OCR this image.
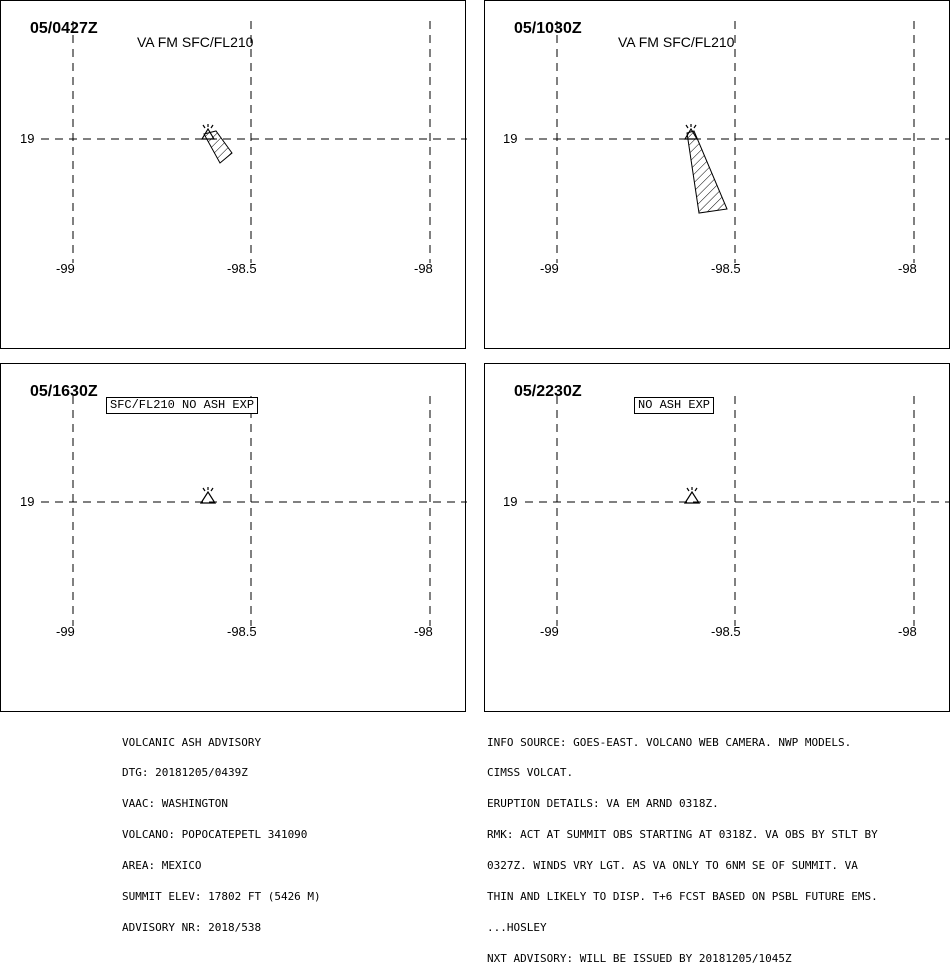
05/0427Z
VA FM SFC/FL210
19
-99	-98.5	-98
05/1030Z
VA FM SFC/FL210
19
-99	-98.5	-98
05/1630Z
SFC/FL210 NO ASH EXP
19
-99	-98.5	-98
05/2230Z
NO ASH EXP
19
-99	-98.5	-98

VOLCANIC ASH ADVISORY

DTG: 20181205/0439Z

VAAC: WASHINGTON

VOLCANO: POPOCATEPETL 341090

AREA: MEXICO

SUMMIT ELEV: 17802 FT (5426 M)

ADVISORY NR: 2018/538

INFO SOURCE: GOES-EAST. VOLCANO WEB CAMERA. NWP MODELS.

CIMSS VOLCAT.

ERUPTION DETAILS: VA EM ARND 0318Z.

RMK: ACT AT SUMMIT OBS STARTING AT 0318Z. VA OBS BY STLT BY

0327Z. WINDS VRY LGT. AS VA ONLY TO 6NM SE OF SUMMIT. VA

THIN AND LIKELY TO DISP. T+6 FCST BASED ON PSBL FUTURE EMS.

...HOSLEY

NXT ADVISORY: WILL BE ISSUED BY 20181205/1045Z
